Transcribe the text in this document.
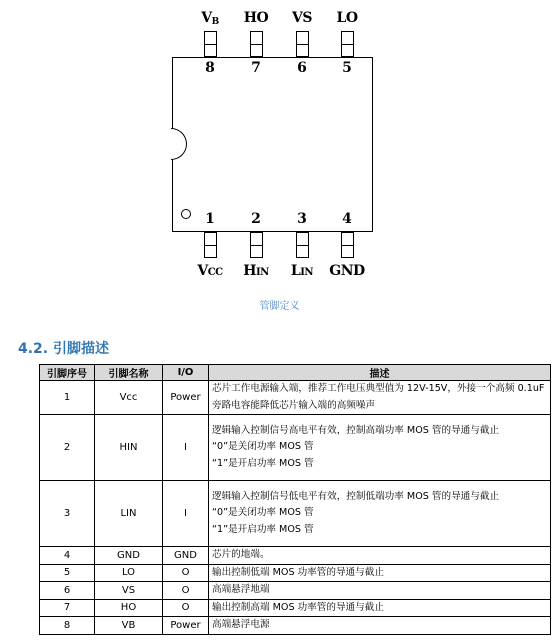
$V_B$	HO	VS	LO
8	7	6	5
1	2	3	4
VCC	HIN	LIN	GND
管脚定义
4.2. 引脚描述
引脚序号	引脚名称	I/O	描述
1	Vcc	Power	芯片工作电源输入端，推荐工作电压典型值为 12V-15V，外接一个高频 0.1uF 旁路电容能降低芯片输入端的高频噪声
2	HIN	I	逻辑输入控制信号高电平有效，控制高端功率 MOS 管的导通与截止
“0”是关闭功率 MOS 管
“1”是开启功率 MOS 管

3	LIN	I	逻辑输入控制信号低电平有效，控制低端功率 MOS 管的导通与截止
“0”是关闭功率 MOS 管
“1”是开启功率 MOS 管

4	GND	GND	芯片的地端。
5	LO	O	输出控制低端 MOS 功率管的导通与截止
6	VS	O	高端悬浮地端
7	HO	O	输出控制高端 MOS 功率管的导通与截止
8	VB	Power	高端悬浮电源
